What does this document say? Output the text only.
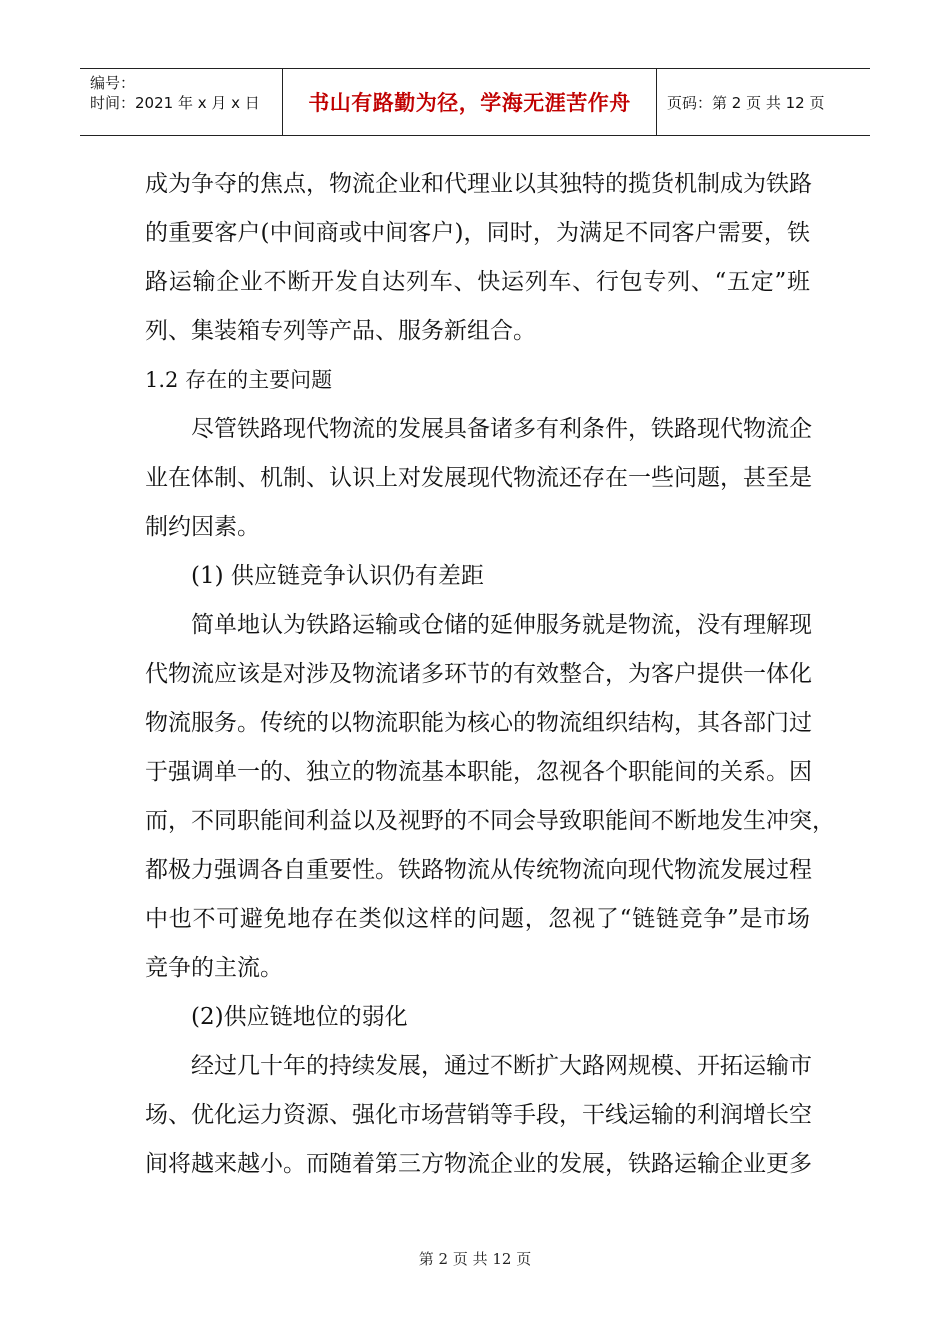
编号：
时间：2021 年 x 月 x 日	书山有路勤为径，学海无涯苦作舟	页码：第 2 页 共 12 页
成为争夺的焦点，物流企业和代理业以其独特的揽货机制成为铁路
的重要客户(中间商或中间客户)，同时，为满足不同客户需要，铁
路运输企业不断开发自达列车、快运列车、行包专列、“五定”班
列、集装箱专列等产品、服务新组合。
1.2 存在的主要问题
尽管铁路现代物流的发展具备诸多有利条件，铁路现代物流企
业在体制、机制、认识上对发展现代物流还存在一些问题，甚至是
制约因素。
(1) 供应链竞争认识仍有差距
简单地认为铁路运输或仓储的延伸服务就是物流，没有理解现
代物流应该是对涉及物流诸多环节的有效整合，为客户提供一体化
物流服务。传统的以物流职能为核心的物流组织结构，其各部门过
于强调单一的、独立的物流基本职能，忽视各个职能间的关系。因
而，不同职能间利益以及视野的不同会导致职能间不断地发生冲突，
都极力强调各自重要性。铁路物流从传统物流向现代物流发展过程
中也不可避免地存在类似这样的问题，忽视了“链链竞争”是市场
竞争的主流。
(2)供应链地位的弱化
经过几十年的持续发展，通过不断扩大路网规模、开拓运输市
场、优化运力资源、强化市场营销等手段，干线运输的利润增长空
间将越来越小。而随着第三方物流企业的发展，铁路运输企业更多
第 2 页 共 12 页
